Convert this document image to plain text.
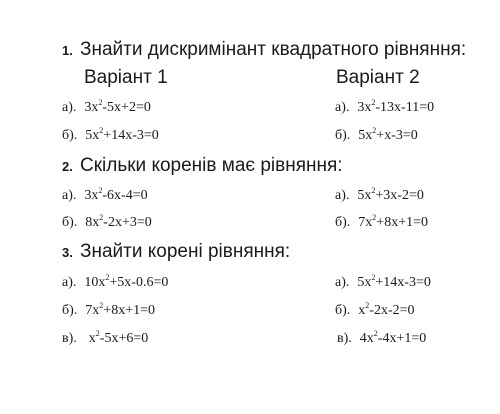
1. Знайти дискримінант квадратного рівняння:
Варіант 1	Варіант 2
а). $3x^2-5x+2=0$
б). $5x^2+14x-3=0$
а). $3x^2-13x-11=0$
б). $5x^2+x-3=0$
2. Скільки коренів має рівняння:
а). $3x^2-6x-4=0$
б). $8x^2-2x+3=0$
а). $5x^2+3x-2=0$
б). $7x^2+8x+1=0$
3. Знайти корені рівняння:
а). $10x^2+5x-0.6=0$
б). $7x^2+8x+1=0$
в). $x^2-5x+6=0$
а). $5x^2+14x-3=0$
б). $x^2-2x-2=0$
в). $4x^2-4x+1=0$
